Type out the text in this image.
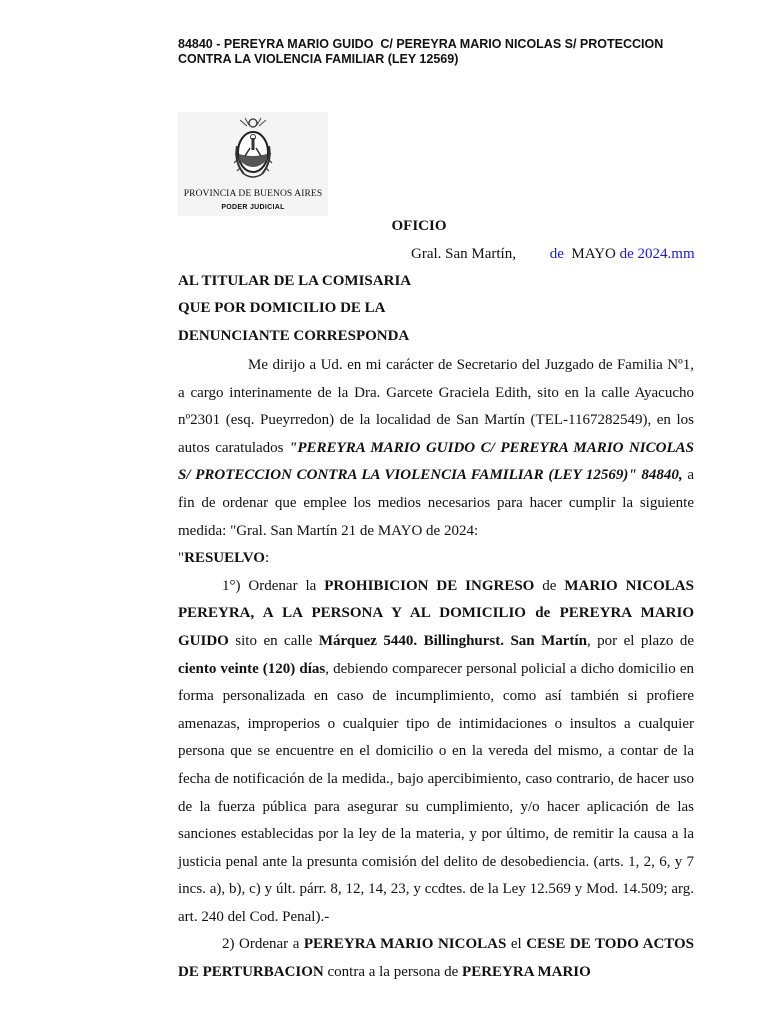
84840 - PEREYRA MARIO GUIDO  C/ PEREYRA MARIO NICOLAS S/ PROTECCION
CONTRA LA VIOLENCIA FAMILIAR (LEY 12569)
PROVINCIA DE BUENOS AIRES
PODER JUDICIAL
OFICIO
Gral. San Martín, de MAYO de 2024.mm
AL TITULAR DE LA COMISARIA
QUE POR DOMICILIO DE LA
DENUNCIANTE CORRESPONDA

Me dirijo a Ud. en mi carácter de Secretario del Juzgado de Familia Nº1, a cargo interinamente de la Dra. Garcete Graciela Edith, sito en la calle Ayacucho nº2301 (esq. Pueyrredon) de la localidad de San Martín (TEL-1167282549), en los autos caratulados "PEREYRA MARIO GUIDO C/ PEREYRA MARIO NICOLAS S/ PROTECCION CONTRA LA VIOLENCIA FAMILIAR (LEY 12569)" 84840, a fin de ordenar que emplee los medios necesarios para hacer cumplir la siguiente medida: "Gral. San Martín 21 de MAYO de 2024:

"RESUELVO:

1°) Ordenar la PROHIBICION DE INGRESO de MARIO NICOLAS PEREYRA, A LA PERSONA Y AL DOMICILIO de PEREYRA MARIO GUIDO sito en calle Márquez 5440. Billinghurst. San Martín, por el plazo de ciento veinte (120) días, debiendo comparecer personal policial a dicho domicilio en forma personalizada en caso de incumplimiento, como así también si profiere amenazas, improperios o cualquier tipo de intimidaciones o insultos a cualquier persona que se encuentre en el domicilio o en la vereda del mismo, a contar de la fecha de notificación de la medida., bajo apercibimiento, caso contrario, de hacer uso de la fuerza pública para asegurar su cumplimiento, y/o hacer aplicación de las sanciones establecidas por la ley de la materia, y por último, de remitir la causa a la justicia penal ante la presunta comisión del delito de desobediencia. (arts. 1, 2, 6, y 7 incs. a), b), c) y últ. párr. 8, 12, 14, 23, y ccdtes. de la Ley 12.569 y Mod. 14.509; arg. art. 240 del Cod. Penal).-

2) Ordenar a PEREYRA MARIO NICOLAS el CESE DE TODO ACTOS DE PERTURBACION contra a la persona de PEREYRA MARIO
